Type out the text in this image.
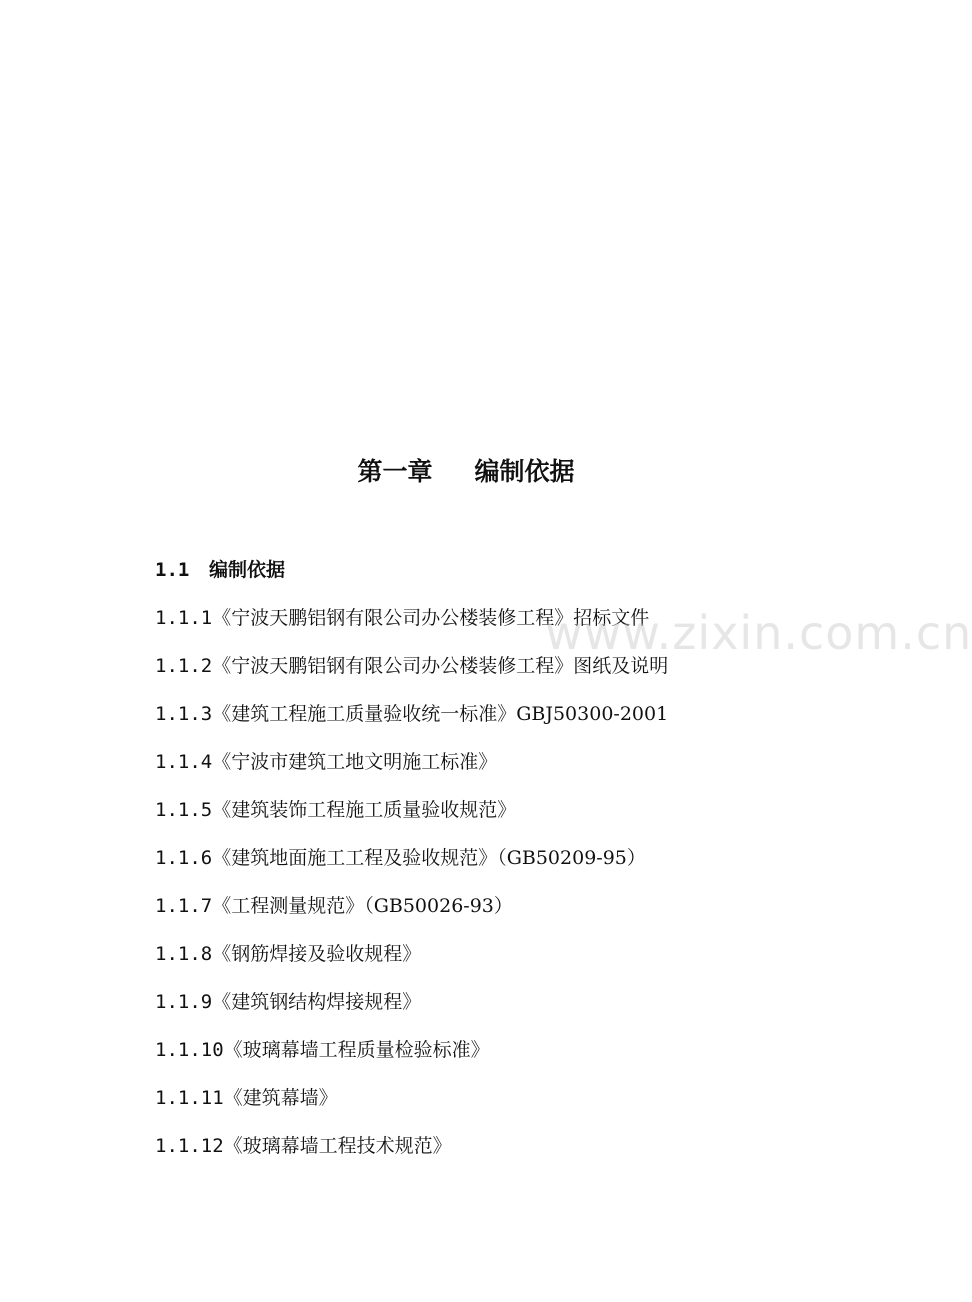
第一章 编制依据
1.1 编制依据
1.1.1《宁波天鹏铝钢有限公司办公楼装修工程》招标文件
1.1.2《宁波天鹏铝钢有限公司办公楼装修工程》图纸及说明
1.1.3《建筑工程施工质量验收统一标准》GBJ50300-2001
1.1.4《宁波市建筑工地文明施工标准》
1.1.5《建筑装饰工程施工质量验收规范》
1.1.6《建筑地面施工工程及验收规范》（GB50209-95）
1.1.7《工程测量规范》（GB50026-93）
1.1.8《钢筋焊接及验收规程》
1.1.9《建筑钢结构焊接规程》
1.1.10《玻璃幕墙工程质量检验标准》
1.1.11《建筑幕墙》
1.1.12《玻璃幕墙工程技术规范》
www.zixin.com.cn
